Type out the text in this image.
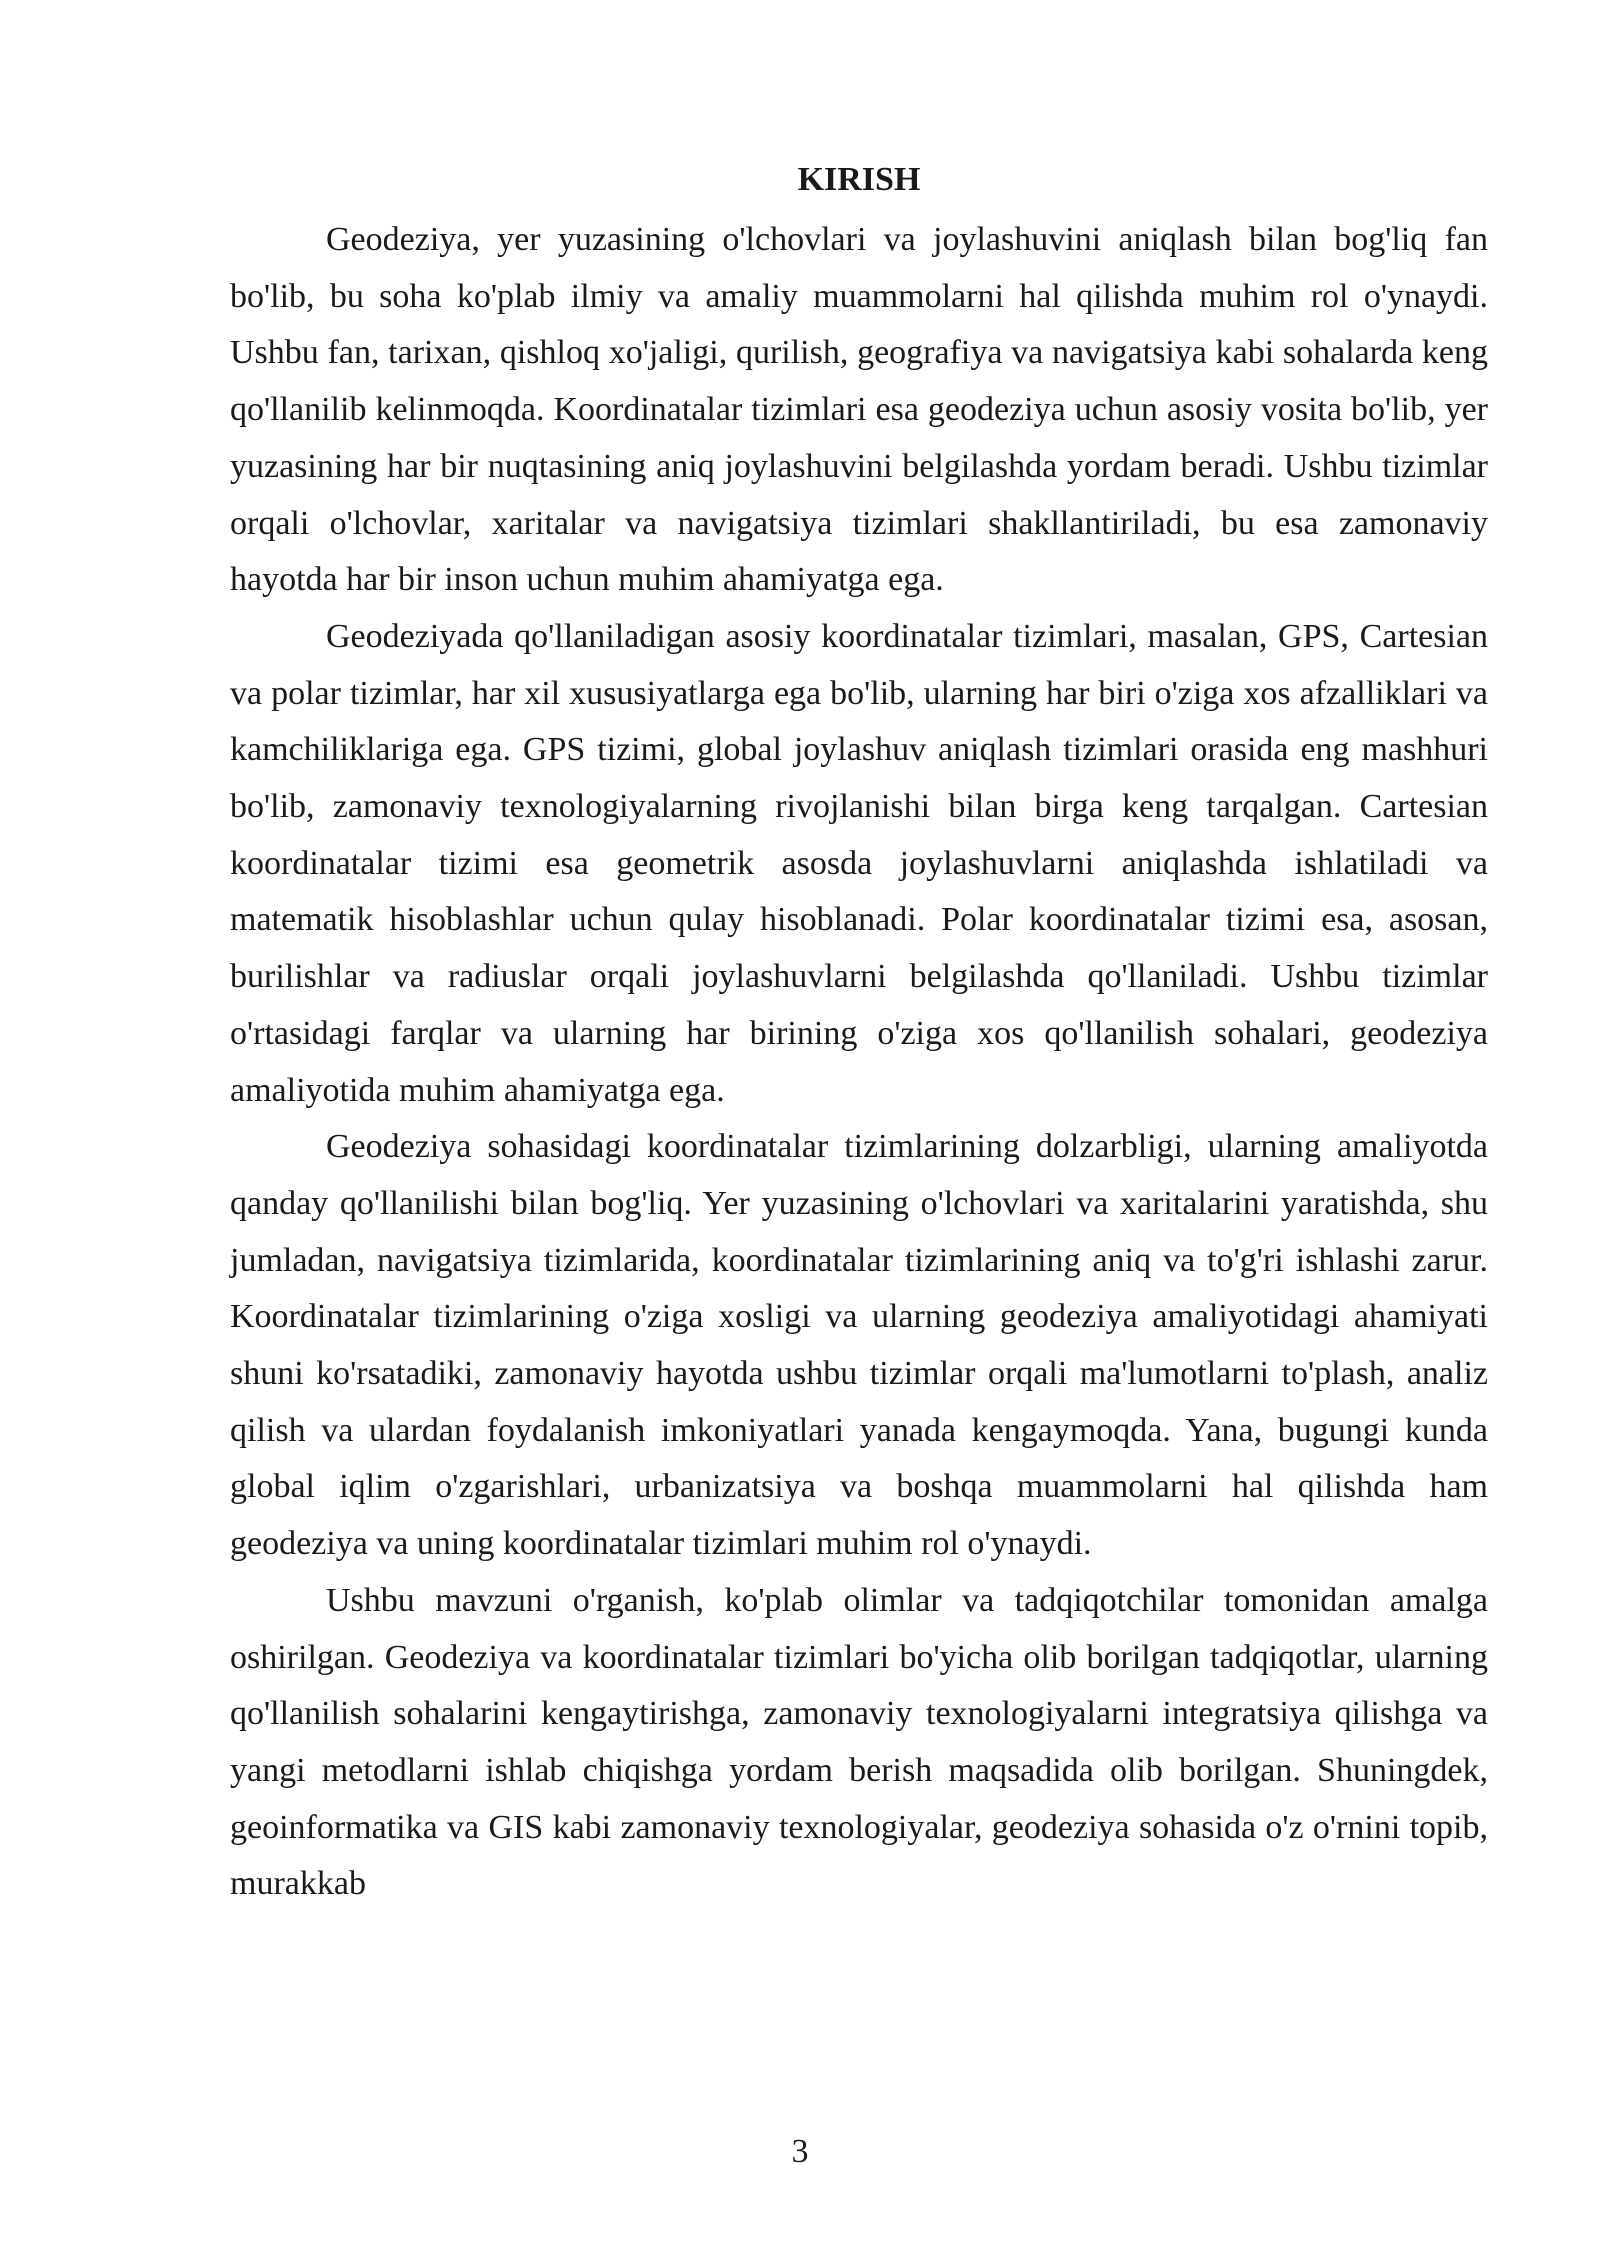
KIRISH

Geodeziya, yer yuzasining o'lchovlari va joylashuvini aniqlash bilan bog'liq fan bo'lib, bu soha ko'plab ilmiy va amaliy muammolarni hal qilishda muhim rol o'ynaydi. Ushbu fan, tarixan, qishloq xo'jaligi, qurilish, geografiya va navigatsiya kabi sohalarda keng qo'llanilib kelinmoqda. Koordinatalar tizimlari esa geodeziya uchun asosiy vosita bo'lib, yer yuzasining har bir nuqtasining aniq joylashuvini belgilashda yordam beradi. Ushbu tizimlar orqali o'lchovlar, xaritalar va navigatsiya tizimlari shakllantiriladi, bu esa zamonaviy hayotda har bir inson uchun muhim ahamiyatga ega.

Geodeziyada qo'llaniladigan asosiy koordinatalar tizimlari, masalan, GPS, Cartesian va polar tizimlar, har xil xususiyatlarga ega bo'lib, ularning har biri o'ziga xos afzalliklari va kamchiliklariga ega. GPS tizimi, global joylashuv aniqlash tizimlari orasida eng mashhuri bo'lib, zamonaviy texnologiyalarning rivojlanishi bilan birga keng tarqalgan. Cartesian koordinatalar tizimi esa geometrik asosda joylashuvlarni aniqlashda ishlatiladi va matematik hisoblashlar uchun qulay hisoblanadi. Polar koordinatalar tizimi esa, asosan, burilishlar va radiuslar orqali joylashuvlarni belgilashda qo'llaniladi. Ushbu tizimlar o'rtasidagi farqlar va ularning har birining o'ziga xos qo'llanilish sohalari, geodeziya amaliyotida muhim ahamiyatga ega.

Geodeziya sohasidagi koordinatalar tizimlarining dolzarbligi, ularning amaliyotda qanday qo'llanilishi bilan bog'liq. Yer yuzasining o'lchovlari va xaritalarini yaratishda, shu jumladan, navigatsiya tizimlarida, koordinatalar tizimlarining aniq va to'g'ri ishlashi zarur. Koordinatalar tizimlarining o'ziga xosligi va ularning geodeziya amaliyotidagi ahamiyati shuni ko'rsatadiki, zamonaviy hayotda ushbu tizimlar orqali ma'lumotlarni to'plash, analiz qilish va ulardan foydalanish imkoniyatlari yanada kengaymoqda. Yana, bugungi kunda global iqlim o'zgarishlari, urbanizatsiya va boshqa muammolarni hal qilishda ham geodeziya va uning koordinatalar tizimlari muhim rol o'ynaydi.

Ushbu mavzuni o'rganish, ko'plab olimlar va tadqiqotchilar tomonidan amalga oshirilgan. Geodeziya va koordinatalar tizimlari bo'yicha olib borilgan tadqiqotlar, ularning qo'llanilish sohalarini kengaytirishga, zamonaviy texnologiyalarni integratsiya qilishga va yangi metodlarni ishlab chiqishga yordam berish maqsadida olib borilgan. Shuningdek, geoinformatika va GIS kabi zamonaviy texnologiyalar, geodeziya sohasida o'z o'rnini topib, murakkab

3
